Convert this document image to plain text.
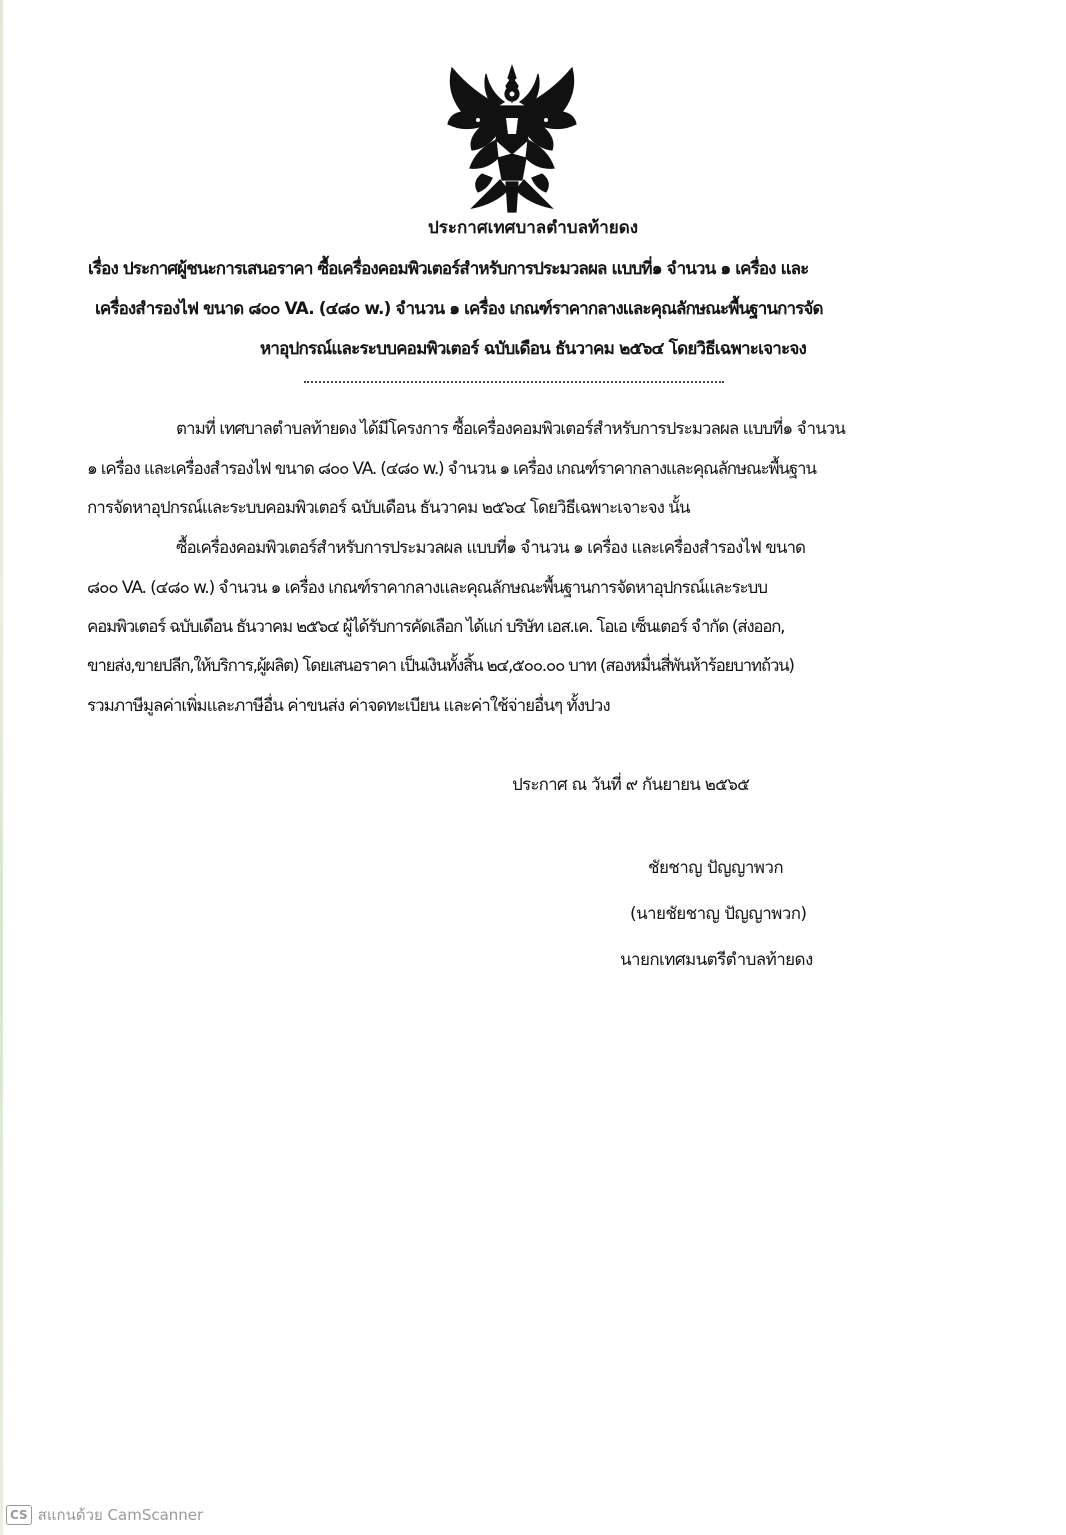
ประกาศเทศบาลตำบลท้ายดง
เรื่อง ประกาศผู้ชนะการเสนอราคา ซื้อเครื่องคอมพิวเตอร์สำหรับการประมวลผล แบบที่๑ จำนวน ๑ เครื่อง และ
เครื่องสำรองไฟ ขนาด ๘๐๐ VA. (๔๘๐ w.) จำนวน ๑ เครื่อง เกณฑ์ราคากลางและคุณลักษณะพื้นฐานการจัด
หาอุปกรณ์และระบบคอมพิวเตอร์ ฉบับเดือน ธันวาคม ๒๕๖๔ โดยวิธีเฉพาะเจาะจง
ตามที่ เทศบาลตำบลท้ายดง ได้มีโครงการ ซื้อเครื่องคอมพิวเตอร์สำหรับการประมวลผล แบบที่๑ จำนวน
๑ เครื่อง และเครื่องสำรองไฟ ขนาด ๘๐๐ VA. (๔๘๐ w.) จำนวน ๑ เครื่อง เกณฑ์ราคากลางและคุณลักษณะพื้นฐาน
การจัดหาอุปกรณ์และระบบคอมพิวเตอร์ ฉบับเดือน ธันวาคม ๒๕๖๔ โดยวิธีเฉพาะเจาะจง นั้น
ซื้อเครื่องคอมพิวเตอร์สำหรับการประมวลผล แบบที่๑ จำนวน ๑ เครื่อง และเครื่องสำรองไฟ ขนาด
๘๐๐ VA. (๔๘๐ w.) จำนวน ๑ เครื่อง เกณฑ์ราคากลางและคุณลักษณะพื้นฐานการจัดหาอุปกรณ์และระบบ
คอมพิวเตอร์ ฉบับเดือน ธันวาคม ๒๕๖๔ ผู้ได้รับการคัดเลือก ได้แก่ บริษัท เอส.เค. โอเอ เซ็นเตอร์ จำกัด (ส่งออก,
ขายส่ง,ขายปลีก,ให้บริการ,ผู้ผลิต) โดยเสนอราคา เป็นเงินทั้งสิ้น ๒๔,๕๐๐.๐๐ บาท (สองหมื่นสี่พันห้าร้อยบาทถ้วน)
รวมภาษีมูลค่าเพิ่มและภาษีอื่น ค่าขนส่ง ค่าจดทะเบียน และค่าใช้จ่ายอื่นๆ ทั้งปวง
ประกาศ ณ วันที่ ๙ กันยายน ๒๕๖๕
ชัยชาญ ปัญญาพวก
(นายชัยชาญ ปัญญาพวก)
นายกเทศมนตรีตำบลท้ายดง
CS สแกนด้วย CamScanner
